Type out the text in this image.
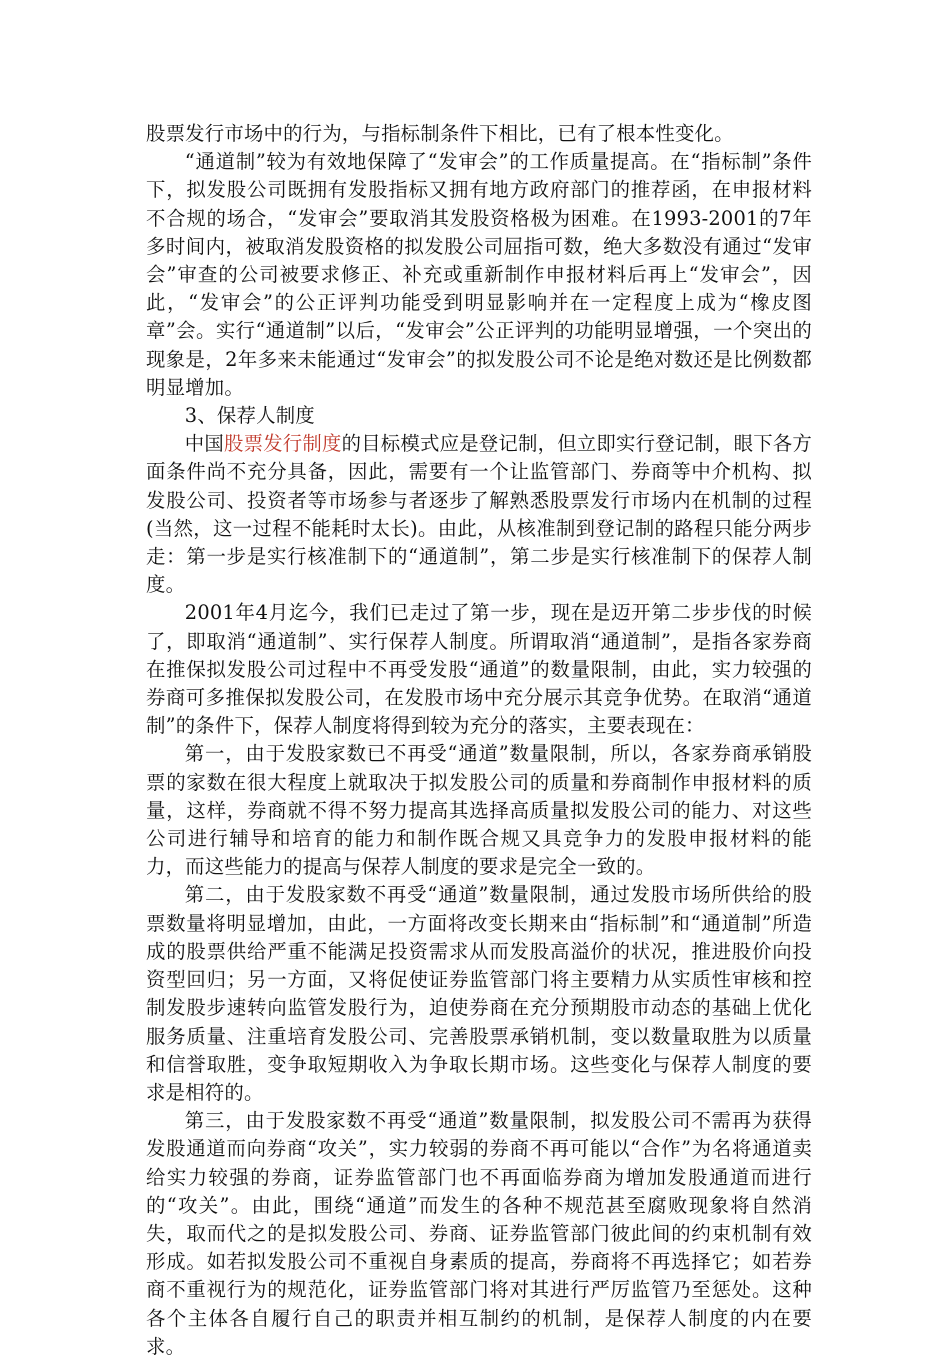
股票发行市场中的行为，与指标制条件下相比，已有了根本性变化。

“通道制”较为有效地保障了“发审会”的工作质量提高。在“指标制”条件下，拟发股公司既拥有发股指标又拥有地方政府部门的推荐函，在申报材料不合规的场合，“发审会”要取消其发股资格极为困难。在1993-2001的7年多时间内，被取消发股资格的拟发股公司屈指可数，绝大多数没有通过“发审会”审查的公司被要求修正、补充或重新制作申报材料后再上“发审会”，因此，“发审会”的公正评判功能受到明显影响并在一定程度上成为“橡皮图章”会。实行“通道制”以后，“发审会”公正评判的功能明显增强，一个突出的现象是，2年多来未能通过“发审会”的拟发股公司不论是绝对数还是比例数都明显增加。

3、保荐人制度

中国股票发行制度的目标模式应是登记制，但立即实行登记制，眼下各方面条件尚不充分具备，因此，需要有一个让监管部门、券商等中介机构、拟发股公司、投资者等市场参与者逐步了解熟悉股票发行市场内在机制的过程(当然，这一过程不能耗时太长)。由此，从核准制到登记制的路程只能分两步走：第一步是实行核准制下的“通道制”，第二步是实行核准制下的保荐人制度。

2001年4月迄今，我们已走过了第一步，现在是迈开第二步步伐的时候了，即取消“通道制”、实行保荐人制度。所谓取消“通道制”，是指各家券商在推保拟发股公司过程中不再受发股“通道”的数量限制，由此，实力较强的券商可多推保拟发股公司，在发股市场中充分展示其竞争优势。在取消“通道制”的条件下，保荐人制度将得到较为充分的落实，主要表现在：

第一，由于发股家数已不再受“通道”数量限制，所以，各家券商承销股票的家数在很大程度上就取决于拟发股公司的质量和券商制作申报材料的质量，这样，券商就不得不努力提高其选择高质量拟发股公司的能力、对这些公司进行辅导和培育的能力和制作既合规又具竞争力的发股申报材料的能力，而这些能力的提高与保荐人制度的要求是完全一致的。

第二，由于发股家数不再受“通道”数量限制，通过发股市场所供给的股票数量将明显增加，由此，一方面将改变长期来由“指标制”和“通道制”所造成的股票供给严重不能满足投资需求从而发股高溢价的状况，推进股价向投资型回归；另一方面，又将促使证券监管部门将主要精力从实质性审核和控制发股步速转向监管发股行为，迫使券商在充分预期股市动态的基础上优化服务质量、注重培育发股公司、完善股票承销机制，变以数量取胜为以质量和信誉取胜，变争取短期收入为争取长期市场。这些变化与保荐人制度的要求是相符的。

第三，由于发股家数不再受“通道”数量限制，拟发股公司不需再为获得发股通道而向券商“攻关”，实力较弱的券商不再可能以“合作”为名将通道卖给实力较强的券商，证券监管部门也不再面临券商为增加发股通道而进行的“攻关”。由此，围绕“通道”而发生的各种不规范甚至腐败现象将自然消失，取而代之的是拟发股公司、券商、证券监管部门彼此间的约束机制有效形成。如若拟发股公司不重视自身素质的提高，券商将不再选择它；如若券商不重视行为的规范化，证券监管部门将对其进行严厉监管乃至惩处。这种各个主体各自履行自己的职责并相互制约的机制，是保荐人制度的内在要求。
